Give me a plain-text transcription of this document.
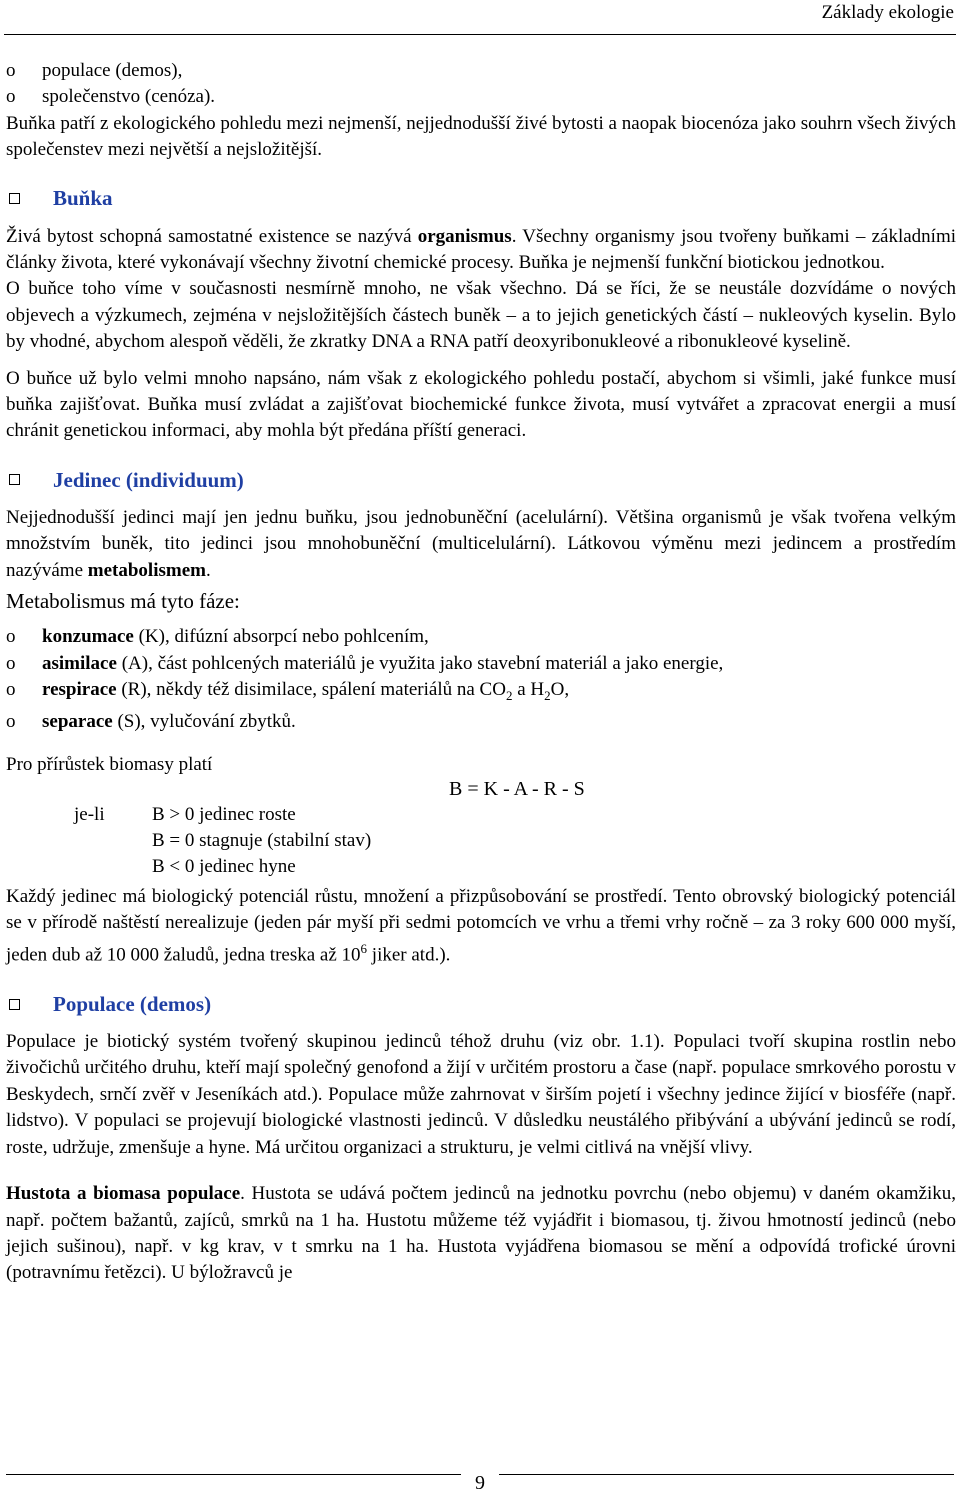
Základy ekologie
o populace (demos),
o společenstvo (cenóza).

Buňka patří z ekologického pohledu mezi nejmenší, nejjednodušší živé bytosti a naopak biocenóza jako souhrn všech živých společenstev mezi největší a nejsložitější.

Buňka

Živá bytost schopná samostatné existence se nazývá organismus. Všechny organismy jsou tvořeny buňkami – základními články života, které vykonávají všechny životní chemické procesy. Buňka je nejmenší funkční biotickou jednotkou.

O buňce toho víme v současnosti nesmírně mnoho, ne však všechno. Dá se říci, že se neustále dozvídáme o nových objevech a výzkumech, zejména v nejsložitějších částech buněk – a to jejich genetických částí – nukleových kyselin. Bylo by vhodné, abychom alespoň věděli, že zkratky DNA a RNA patří deoxyribonukleové a ribonukleové kyselině.

O buňce už bylo velmi mnoho napsáno, nám však z ekologického pohledu postačí, abychom si všimli, jaké funkce musí buňka zajišťovat. Buňka musí zvládat a zajišťovat biochemické funkce života, musí vytvářet a zpracovat energii a musí chránit genetickou informaci, aby mohla být předána příští generaci.

Jedinec (individuum)

Nejjednodušší jedinci mají jen jednu buňku, jsou jednobuněční (acelulární). Většina organismů je však tvořena velkým množstvím buněk, tito jedinci jsou mnohobuněční (multicelulární). Látkovou výměnu mezi jedincem a prostředím nazýváme metabolismem.

Metabolismus má tyto fáze:
o konzumace (K), difúzní absorpcí nebo pohlcením,
o asimilace (A), část pohlcených materiálů je využita jako stavební materiál a jako energie,
o respirace (R), někdy též disimilace, spálení materiálů na $CO_2$ a $H_2O$,
o separace (S), vylučování zbytků.
Pro přírůstek biomasy platí
B = K - A - R - S
je-li B > 0 jedinec roste
B = 0 stagnuje (stabilní stav)
B < 0 jedinec hyne

Každý jedinec má biologický potenciál růstu, množení a přizpůsobování se prostředí. Tento obrovský biologický potenciál se v přírodě naštěstí nerealizuje (jeden pár myší při sedmi potomcích ve vrhu a třemi vrhy ročně – za 3 roky 600 000 myší, jeden dub až 10 000 žaludů, jedna treska až $10^6$ jiker atd.).

Populace (demos)

Populace je biotický systém tvořený skupinou jedinců téhož druhu (viz obr. 1.1). Populaci tvoří skupina rostlin nebo živočichů určitého druhu, kteří mají společný genofond a žijí v určitém prostoru a čase (např. populace smrkového porostu v Beskydech, srnčí zvěř v Jeseníkách atd.). Populace může zahrnovat v širším pojetí i všechny jedince žijící v biosféře (např. lidstvo). V populaci se projevují biologické vlastnosti jedinců. V důsledku neustálého přibývání a ubývání jedinců se rodí, roste, udržuje, zmenšuje a hyne. Má určitou organizaci a strukturu, je velmi citlivá na vnější vlivy.

Hustota a biomasa populace. Hustota se udává počtem jedinců na jednotku povrchu (nebo objemu) v daném okamžiku, např. počtem bažantů, zajíců, smrků na 1 ha. Hustotu můžeme též vyjádřit i biomasou, tj. živou hmotností jedinců (nebo jejich sušinou), např. v kg krav, v t smrku na 1 ha. Hustota vyjádřena biomasou se mění a odpovídá trofické úrovni (potravnímu řetězci). U býložravců je

9
